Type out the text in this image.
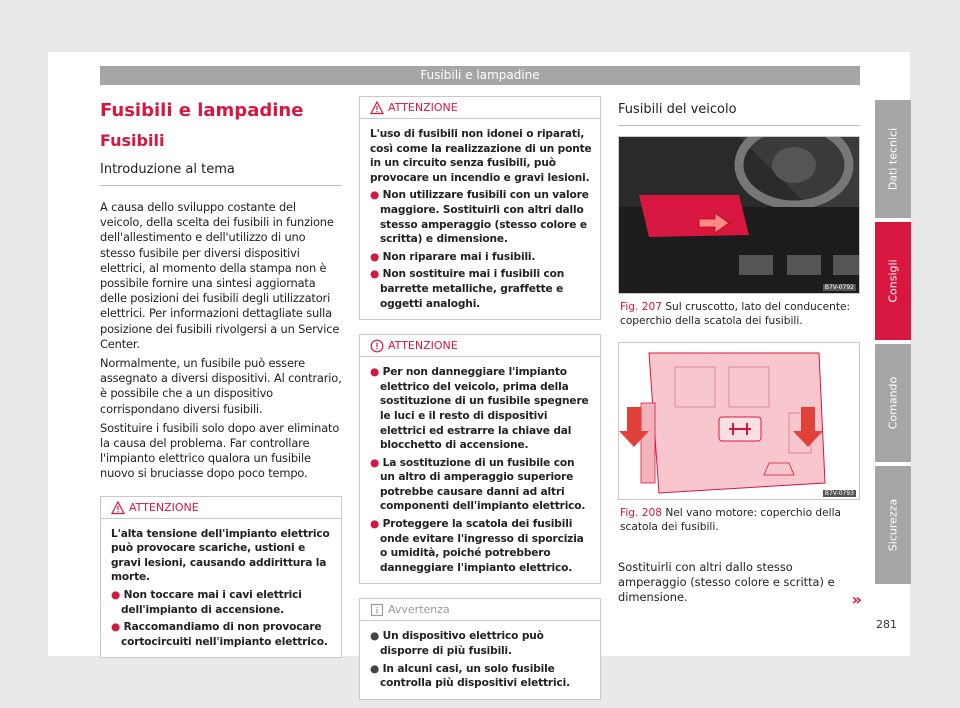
Fusibili e lampadine
Fusibili e lampadine
Fusibili
Introduzione al tema

A causa dello sviluppo costante del veicolo, della scelta dei fusibili in funzione dell'allestimento e dell'utilizzo di uno stesso fusibile per diversi dispositivi elettrici, al momento della stampa non è possibile fornire una sintesi aggiornata delle posizioni dei fusibili degli utilizzatori elettrici. Per informazioni dettagliate sulla posizione dei fusibili rivolgersi a un Service Center.

Normalmente, un fusibile può essere assegnato a diversi dispositivi. Al contrario, è possibile che a un dispositivo corrispondano diversi fusibili.

Sostituire i fusibili solo dopo aver eliminato la causa del problema. Far controllare l'impianto elettrico qualora un fusibile nuovo si bruciasse dopo poco tempo.

ATTENZIONE
L'alta tensione dell'impianto elettrico può provocare scariche, ustioni e gravi lesioni, causando addirittura la morte.
● Non toccare mai i cavi elettrici dell'impianto di accensione.
● Raccomandiamo di non provocare cortocircuiti nell'impianto elettrico.
ATTENZIONE
L'uso di fusibili non idonei o riparati, così come la realizzazione di un ponte in un circuito senza fusibili, può provocare un incendio e gravi lesioni.
● Non utilizzare fusibili con un valore maggiore. Sostituirli con altri dallo stesso amperaggio (stesso colore e scritta) e dimensione.
● Non riparare mai i fusibili.
● Non sostituire mai i fusibili con barrette metalliche, graffette e oggetti analoghi.
ATTENZIONE
● Per non danneggiare l'impianto elettrico del veicolo, prima della sostituzione di un fusibile spegnere le luci e il resto di dispositivi elettrici ed estrarre la chiave dal blocchetto di accensione.
● La sostituzione di un fusibile con un altro di amperaggio superiore potrebbe causare danni ad altri componenti dell'impianto elettrico.
● Proteggere la scatola dei fusibili onde evitare l'ingresso di sporcizia o umidità, poiché potrebbero danneggiare l'impianto elettrico.
Avvertenza
● Un dispositivo elettrico può disporre di più fusibili.
● In alcuni casi, un solo fusibile controlla più dispositivi elettrici.
Fusibili del veicolo
B7V-0792
Fig. 207 Sul cruscotto, lato del conducente: coperchio della scatola dei fusibili.
B7V-0793
Fig. 208 Nel vano motore: coperchio della scatola dei fusibili.
Sostituirli con altri dallo stesso amperaggio (stesso colore e scritta) e dimensione.	»
Dati tecnici
Consigli
Comando
Sicurezza
281
